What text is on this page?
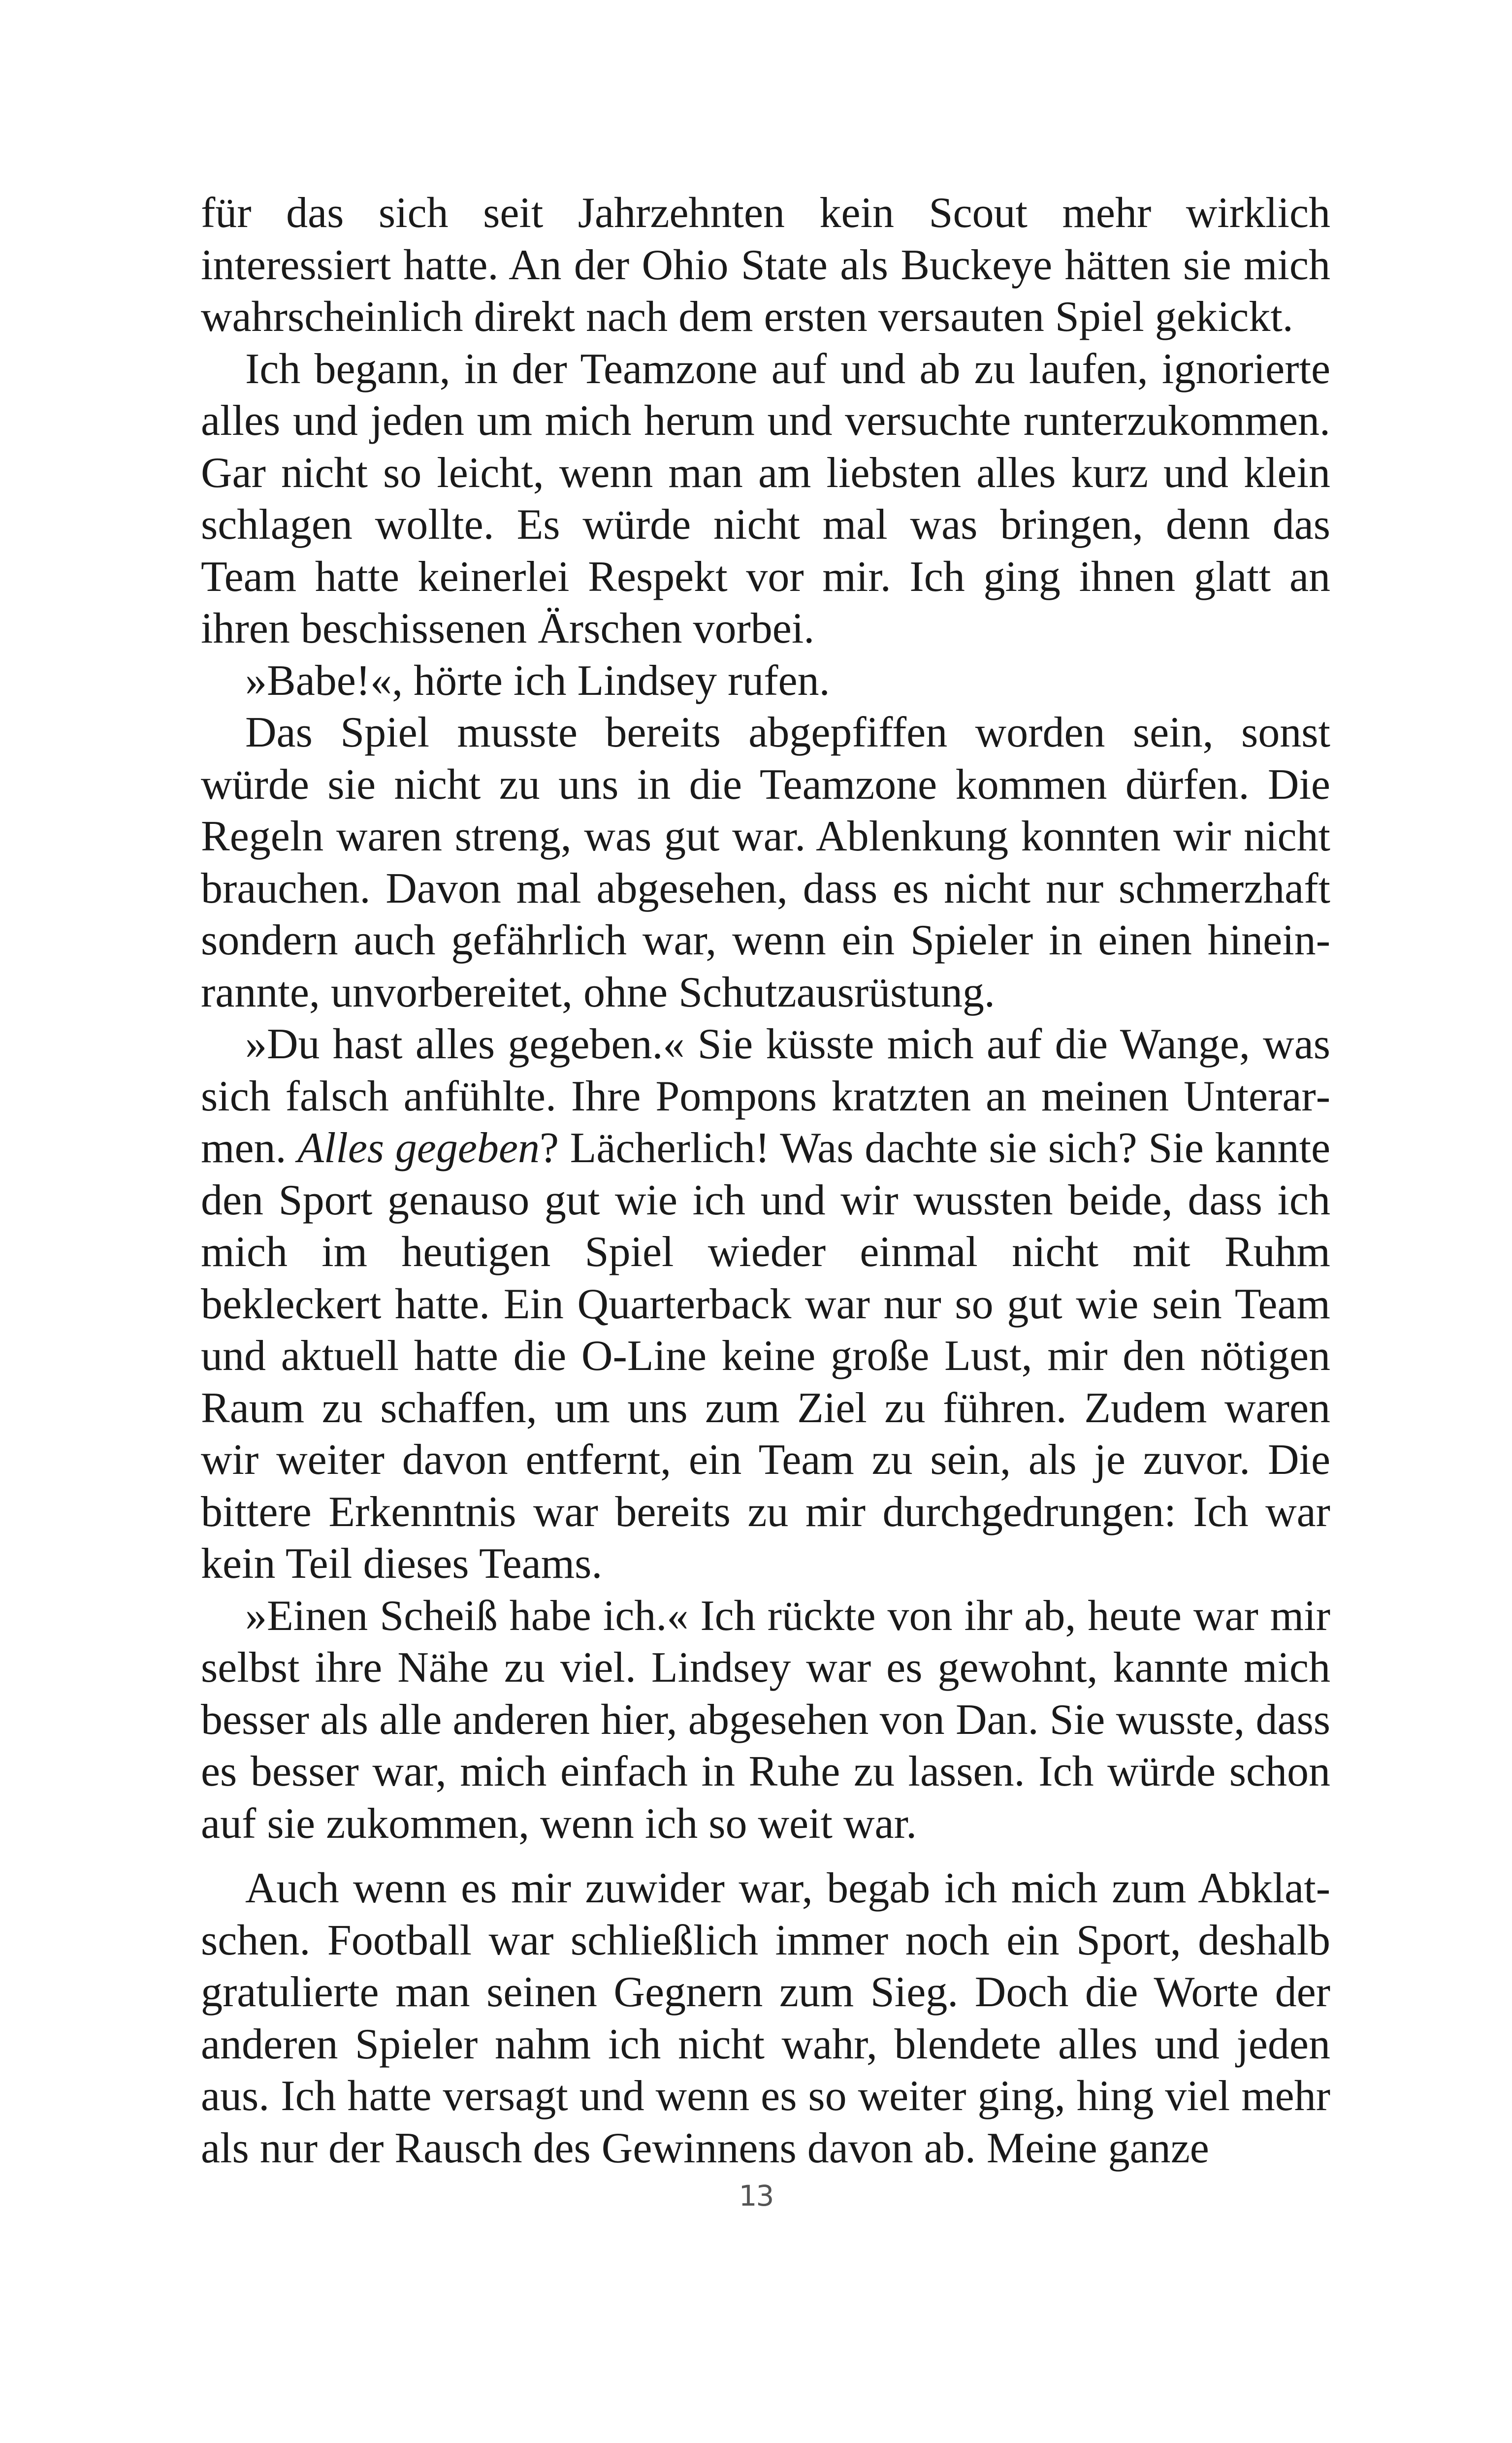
für das sich seit Jahrzehnten kein Scout mehr wirklich interessiert hatte. An der Ohio State als Buckeye hätten sie mich wahrscheinlich direkt nach dem ersten versauten Spiel gekickt.

Ich begann, in der Teamzone auf und ab zu laufen, ignorierte alles und jeden um mich herum und versuchte runterzukommen. Gar nicht so leicht, wenn man am liebsten alles kurz und klein schlagen wollte. Es würde nicht mal was bringen, denn das Team hatte keinerlei Respekt vor mir. Ich ging ihnen glatt an ihren beschissenen Ärschen vorbei.

»Babe!«, hörte ich Lindsey rufen.

Das Spiel musste bereits abgepfiffen worden sein, sonst würde sie nicht zu uns in die Teamzone kommen dürfen. Die Regeln waren streng, was gut war. Ablenkung konnten wir nicht brauchen. Davon mal abgesehen, dass es nicht nur schmerzhaft sondern auch gefährlich war, wenn ein Spieler in einen hineinrannte, unvorbereitet, ohne Schutzausrüstung.

»Du hast alles gegeben.« Sie küsste mich auf die Wange, was sich falsch anfühlte. Ihre Pompons kratzten an meinen Unterarmen. Alles gegeben? Lächerlich! Was dachte sie sich? Sie kannte den Sport genauso gut wie ich und wir wussten beide, dass ich mich im heutigen Spiel wieder einmal nicht mit Ruhm bekleckert hatte. Ein Quarterback war nur so gut wie sein Team und aktuell hatte die O-Line keine große Lust, mir den nötigen Raum zu schaffen, um uns zum Ziel zu führen. Zudem waren wir weiter davon entfernt, ein Team zu sein, als je zuvor. Die bittere Erkenntnis war bereits zu mir durchgedrungen: Ich war kein Teil dieses Teams.

»Einen Scheiß habe ich.« Ich rückte von ihr ab, heute war mir selbst ihre Nähe zu viel. Lindsey war es gewohnt, kannte mich besser als alle anderen hier, abgesehen von Dan. Sie wusste, dass es besser war, mich einfach in Ruhe zu lassen. Ich würde schon auf sie zukommen, wenn ich so weit war.

Auch wenn es mir zuwider war, begab ich mich zum Abklatschen. Football war schließlich immer noch ein Sport, deshalb gratulierte man seinen Gegnern zum Sieg. Doch die Worte der anderen Spieler nahm ich nicht wahr, blendete alles und jeden aus. Ich hatte versagt und wenn es so weiter ging, hing viel mehr als nur der Rausch des Gewinnens davon ab. Meine ganze

13
